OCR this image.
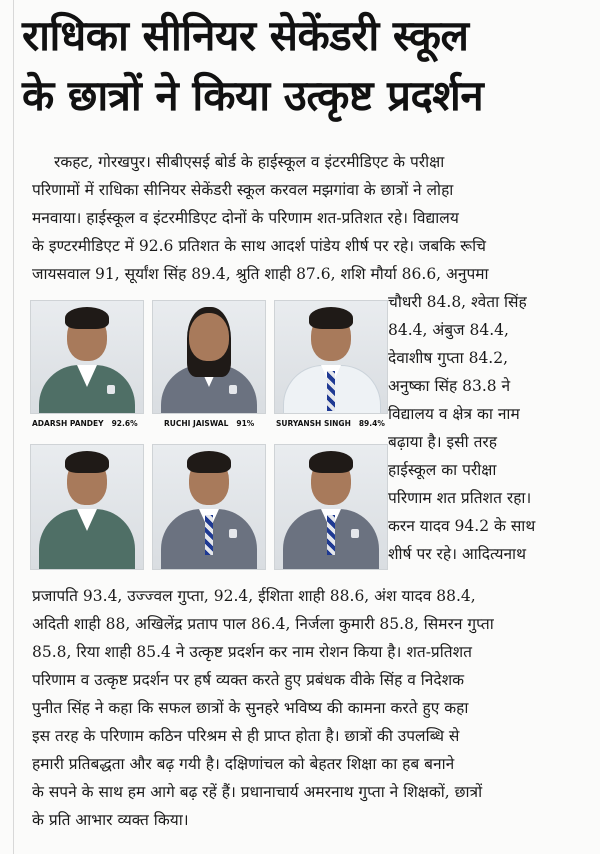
राधिका सीनियर सेकेंडरी स्कूल
के छात्रों ने किया उत्कृष्ट प्रदर्शन
रकहट, गोरखपुर। सीबीएसई बोर्ड के हाईस्कूल व इंटरमीडिएट के परीक्षा
परिणामों में राधिका सीनियर सेकेंडरी स्कूल करवल मझगांवा के छात्रों ने लोहा
मनवाया। हाईस्कूल व इंटरमीडिएट दोनों के परिणाम शत-प्रतिशत रहे। विद्यालय
के इण्टरमीडिएट में 92.6 प्रतिशत के साथ आदर्श पांडेय शीर्ष पर रहे। जबकि रूचि
जायसवाल 91, सूर्यांश सिंह 89.4, श्रुति शाही 87.6, शशि मौर्या 86.6, अनुपमा
ADARSH PANDEY 92.6%	RUCHI JAISWAL 91%	SURYANSH SINGH 89.4%
चौधरी 84.8, श्वेता सिंह
84.4, अंबुज 84.4,
देवाशीष गुप्ता 84.2,
अनुष्का सिंह 83.8 ने
विद्यालय व क्षेत्र का नाम
बढ़ाया है। इसी तरह
हाईस्कूल का परीक्षा
परिणाम शत प्रतिशत रहा।
करन यादव 94.2 के साथ
शीर्ष पर रहे। आदित्यनाथ
प्रजापति 93.4, उज्ज्वल गुप्ता, 92.4, ईशिता शाही 88.6, अंश यादव 88.4,
अदिती शाही 88, अखिलेंद्र प्रताप पाल 86.4, निर्जला कुमारी 85.8, सिमरन गुप्ता
85.8, रिया शाही 85.4 ने उत्कृष्ट प्रदर्शन कर नाम रोशन किया है। शत-प्रतिशत
परिणाम व उत्कृष्ट प्रदर्शन पर हर्ष व्यक्त करते हुए प्रबंधक वीके सिंह व निदेशक
पुनीत सिंह ने कहा कि सफल छात्रों के सुनहरे भविष्य की कामना करते हुए कहा
इस तरह के परिणाम कठिन परिश्रम से ही प्राप्त होता है। छात्रों की उपलब्धि से
हमारी प्रतिबद्धता और बढ़ गयी है। दक्षिणांचल को बेहतर शिक्षा का हब बनाने
के सपने के साथ हम आगे बढ़ रहें हैं। प्रधानाचार्य अमरनाथ गुप्ता ने शिक्षकों, छात्रों
के प्रति आभार व्यक्त किया।
